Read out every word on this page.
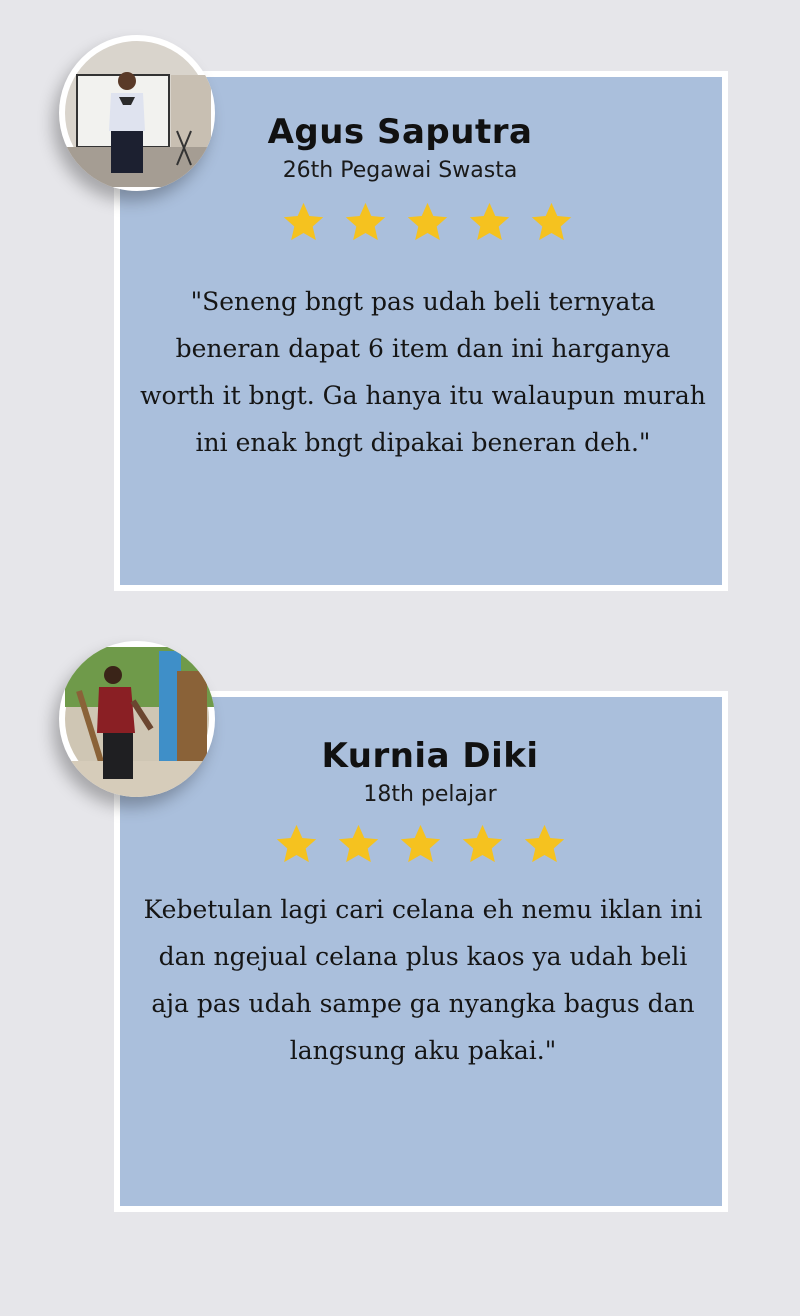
Agus Saputra
26th Pegawai Swasta
"Seneng bngt pas udah beli ternyata beneran dapat 6 item dan ini harganya worth it bngt. Ga hanya itu walaupun murah ini enak bngt dipakai beneran deh."
Kurnia Diki
18th pelajar
Kebetulan lagi cari celana eh nemu iklan ini dan ngejual celana plus kaos ya udah beli aja pas udah sampe ga nyangka bagus dan langsung aku pakai."
